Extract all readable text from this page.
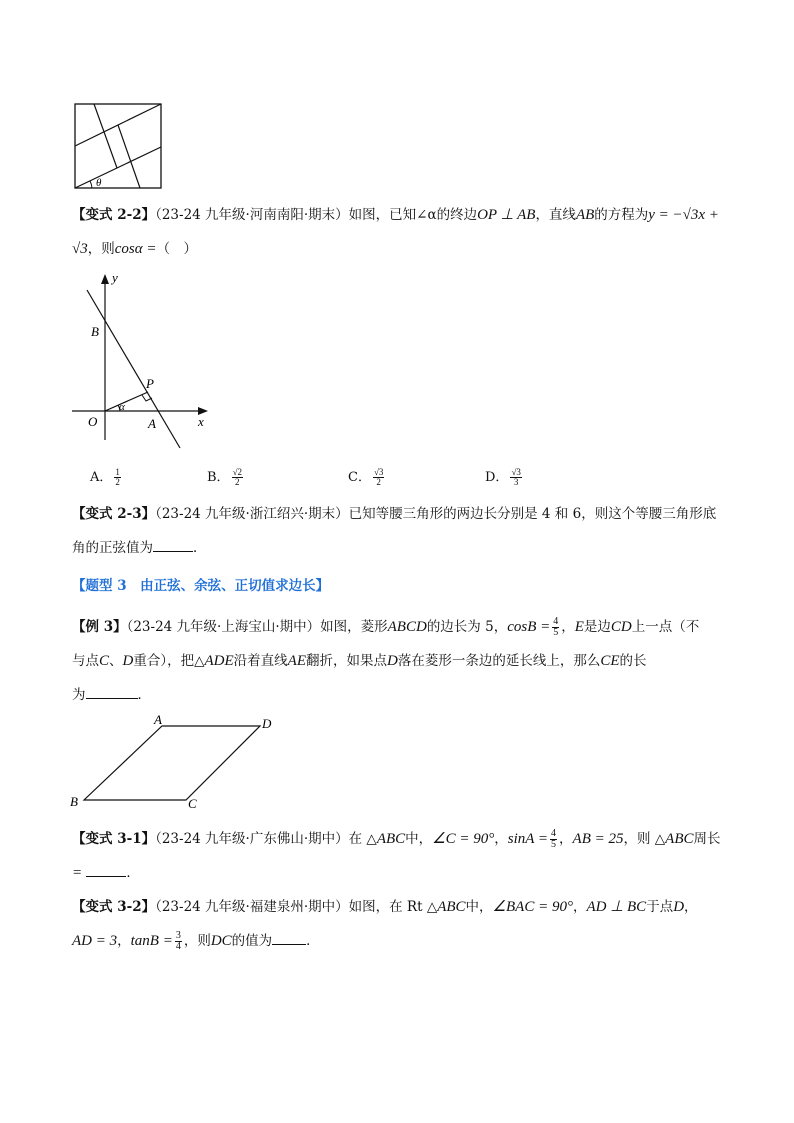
θ
【变式 2-2】（23-24 九年级·河南南阳·期末）如图，已知∠α的终边OP ⊥ AB，直线AB的方程为y = −√3x +
√3，则cosα =（　）
y
x
O
B
P
A
α
A． $\frac{1}{2}$	B． $\frac{√2}{2}$	C． $\frac{√3}{2}$	D． $\frac{√3}{3}$
【变式 2-3】（23-24 九年级·浙江绍兴·期末）已知等腰三角形的两边长分别是 4 和 6，则这个等腰三角形底
角的正弦值为	．
【题型 3　由正弦、余弦、正切值求边长】
【例 3】（23-24 九年级·上海宝山·期中）如图，菱形ABCD的边长为 5，$\cos B = \frac{4}{5}$ ，E是边CD上一点（不
与点C、D重合），把△ADE沿着直线AE翻折，如果点D落在菱形一条边的延长线上，那么CE的长
为	．
A	D
B	C
【变式 3-1】（23-24 九年级·广东佛山·期中）在 △ABC中，∠C = 90°，$\sin A = \frac{4}{5}$ ，AB = 25，则 △ABC周长
=	．
【变式 3-2】（23-24 九年级·福建泉州·期中）如图，在 Rt △ABC中，∠BAC = 90°，AD ⊥ BC于点D，
AD = 3，$\tan B = \frac{3}{4}$ ，则DC的值为	．
